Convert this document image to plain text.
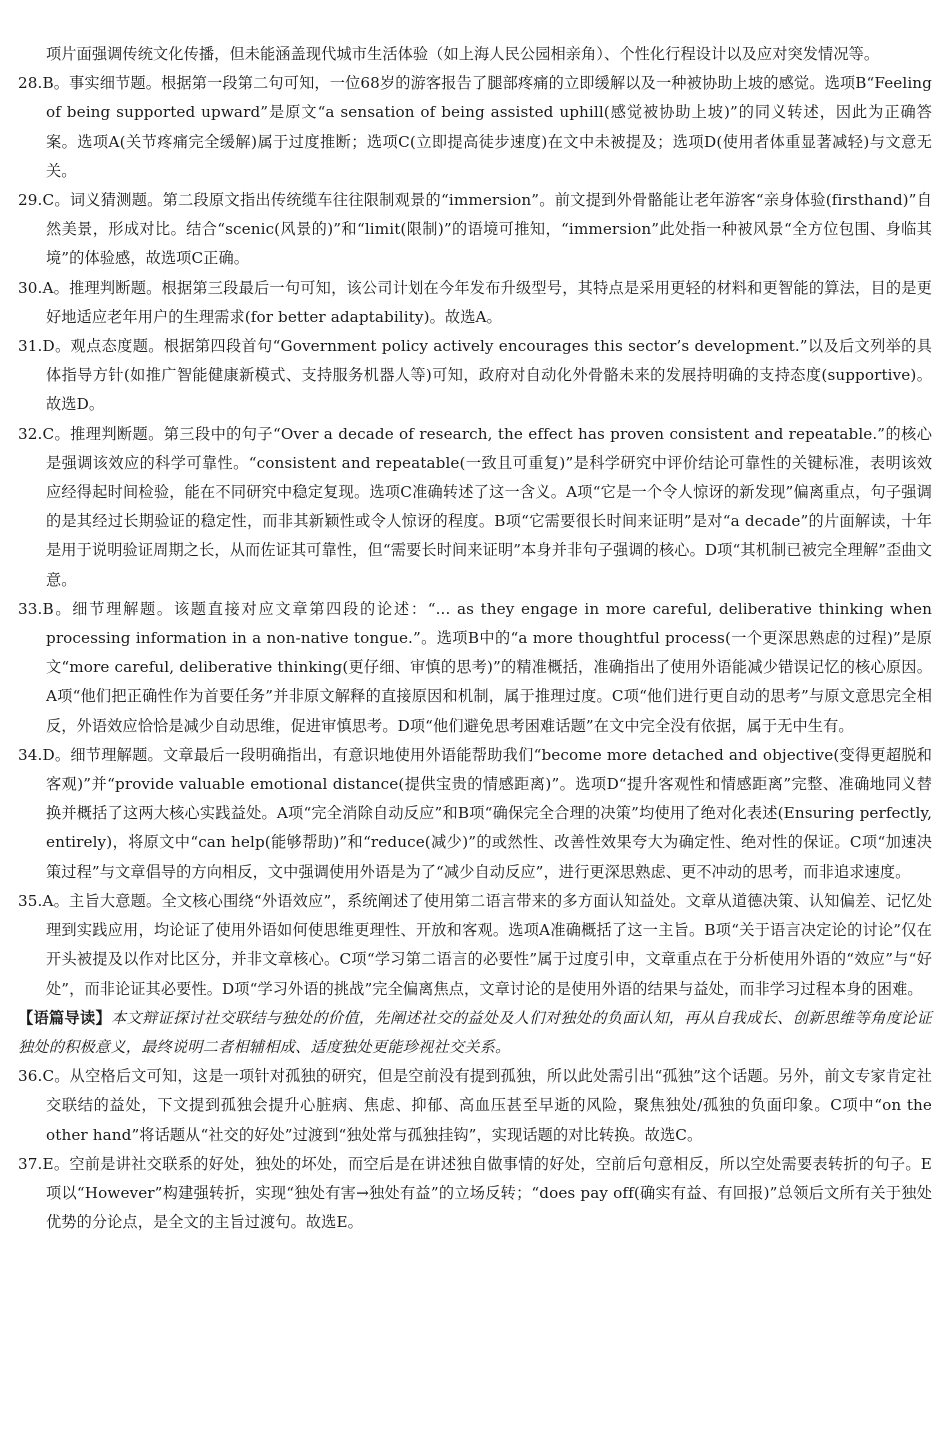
项片面强调传统文化传播，但未能涵盖现代城市生活体验（如上海人民公园相亲角）、个性化行程设计以及应对突发情况等。

28.B。事实细节题。根据第一段第二句可知，一位68岁的游客报告了腿部疼痛的立即缓解以及一种被协助上坡的感觉。选项B“Feeling of being supported upward”是原文“a sensation of being assisted uphill(感觉被协助上坡)”的同义转述，因此为正确答案。选项A(关节疼痛完全缓解)属于过度推断；选项C(立即提高徒步速度)在文中未被提及；选项D(使用者体重显著减轻)与文意无关。

29.C。词义猜测题。第二段原文指出传统缆车往往限制观景的“immersion”。前文提到外骨骼能让老年游客“亲身体验(firsthand)”自然美景，形成对比。结合“scenic(风景的)”和“limit(限制)”的语境可推知，“immersion”此处指一种被风景“全方位包围、身临其境”的体验感，故选项C正确。

30.A。推理判断题。根据第三段最后一句可知，该公司计划在今年发布升级型号，其特点是采用更轻的材料和更智能的算法，目的是更好地适应老年用户的生理需求(for better adaptability)。故选A。

31.D。观点态度题。根据第四段首句“Government policy actively encourages this sector’s development.”以及后文列举的具体指导方针(如推广智能健康新模式、支持服务机器人等)可知，政府对自动化外骨骼未来的发展持明确的支持态度(supportive)。故选D。

32.C。推理判断题。第三段中的句子“Over a decade of research, the effect has proven consistent and repeatable.”的核心是强调该效应的科学可靠性。“consistent and repeatable(一致且可重复)”是科学研究中评价结论可靠性的关键标准，表明该效应经得起时间检验，能在不同研究中稳定复现。选项C准确转述了这一含义。A项“它是一个令人惊讶的新发现”偏离重点，句子强调的是其经过长期验证的稳定性，而非其新颖性或令人惊讶的程度。B项“它需要很长时间来证明”是对“a decade”的片面解读，十年是用于说明验证周期之长，从而佐证其可靠性，但“需要长时间来证明”本身并非句子强调的核心。D项“其机制已被完全理解”歪曲文意。

33.B。细节理解题。该题直接对应文章第四段的论述：“... as they engage in more careful, deliberative thinking when processing information in a non-native tongue.”。选项B中的“a more thoughtful process(一个更深思熟虑的过程)”是原文“more careful, deliberative thinking(更仔细、审慎的思考)”的精准概括，准确指出了使用外语能减少错误记忆的核心原因。A项“他们把正确性作为首要任务”并非原文解释的直接原因和机制，属于推理过度。C项“他们进行更自动的思考”与原文意思完全相反，外语效应恰恰是减少自动思维，促进审慎思考。D项“他们避免思考困难话题”在文中完全没有依据，属于无中生有。

34.D。细节理解题。文章最后一段明确指出，有意识地使用外语能帮助我们“become more detached and objective(变得更超脱和客观)”并“provide valuable emotional distance(提供宝贵的情感距离)”。选项D“提升客观性和情感距离”完整、准确地同义替换并概括了这两大核心实践益处。A项“完全消除自动反应”和B项“确保完全合理的决策”均使用了绝对化表述(Ensuring perfectly, entirely)，将原文中“can help(能够帮助)”和“reduce(减少)”的或然性、改善性效果夸大为确定性、绝对性的保证。C项“加速决策过程”与文章倡导的方向相反，文中强调使用外语是为了“减少自动反应”，进行更深思熟虑、更不冲动的思考，而非追求速度。

35.A。主旨大意题。全文核心围绕“外语效应”，系统阐述了使用第二语言带来的多方面认知益处。文章从道德决策、认知偏差、记忆处理到实践应用，均论证了使用外语如何使思维更理性、开放和客观。选项A准确概括了这一主旨。B项“关于语言决定论的讨论”仅在开头被提及以作对比区分，并非文章核心。C项“学习第二语言的必要性”属于过度引申，文章重点在于分析使用外语的“效应”与“好处”，而非论证其必要性。D项“学习外语的挑战”完全偏离焦点，文章讨论的是使用外语的结果与益处，而非学习过程本身的困难。

【语篇导读】本文辩证探讨社交联结与独处的价值，先阐述社交的益处及人们对独处的负面认知，再从自我成长、创新思维等角度论证独处的积极意义，最终说明二者相辅相成、适度独处更能珍视社交关系。

36.C。从空格后文可知，这是一项针对孤独的研究，但是空前没有提到孤独，所以此处需引出“孤独”这个话题。另外，前文专家肯定社交联结的益处，下文提到孤独会提升心脏病、焦虑、抑郁、高血压甚至早逝的风险，聚焦独处/孤独的负面印象。C项中“on the other hand”将话题从“社交的好处”过渡到“独处常与孤独挂钩”，实现话题的对比转换。故选C。

37.E。空前是讲社交联系的好处，独处的坏处，而空后是在讲述独自做事情的好处，空前后句意相反，所以空处需要表转折的句子。E项以“However”构建强转折，实现“独处有害→独处有益”的立场反转；“does pay off(确实有益、有回报)”总领后文所有关于独处优势的分论点，是全文的主旨过渡句。故选E。
